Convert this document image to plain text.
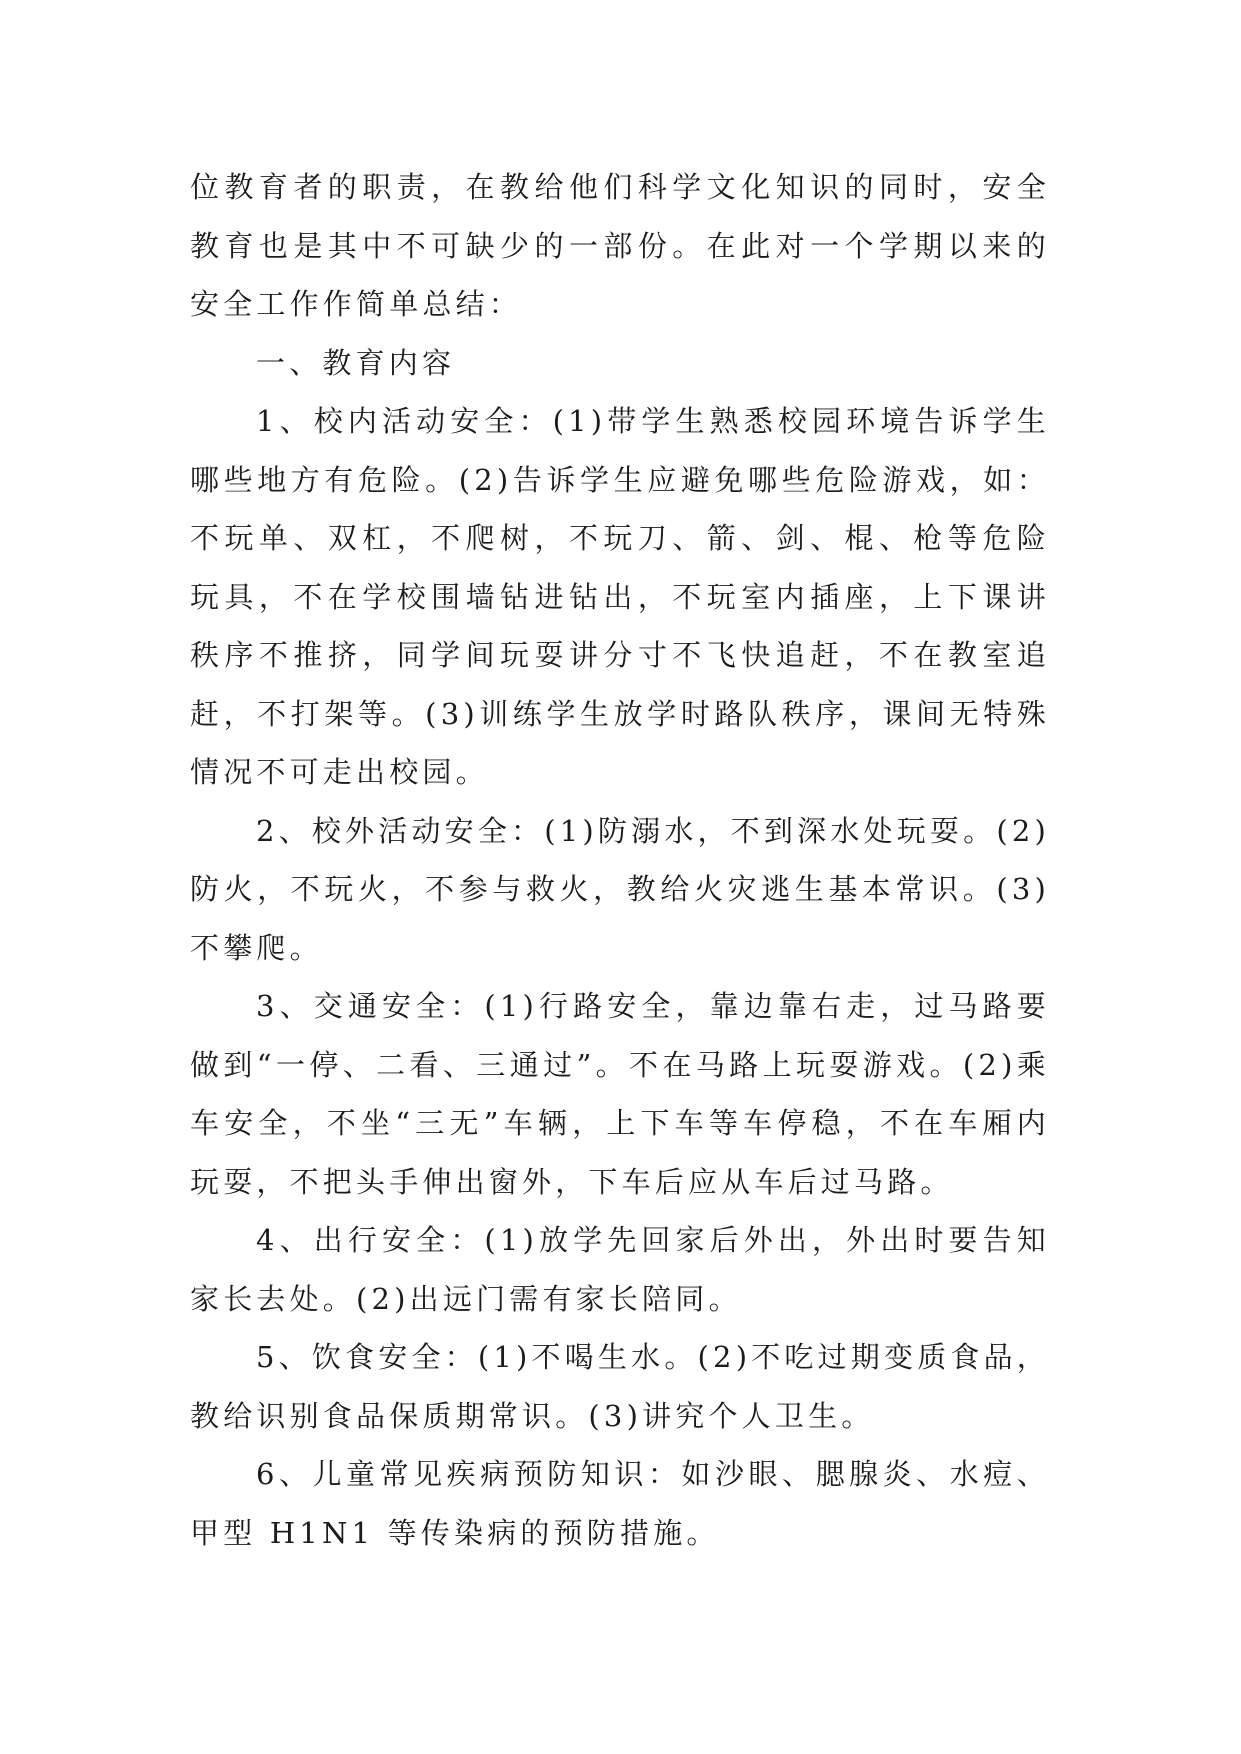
位教育者的职责，在教给他们科学文化知识的同时，安全教育也是其中不可缺少的一部份。在此对一个学期以来的安全工作作简单总结：

一、教育内容

1、校内活动安全：(1)带学生熟悉校园环境告诉学生哪些地方有危险。(2)告诉学生应避免哪些危险游戏，如：不玩单、双杠，不爬树，不玩刀、箭、剑、棍、枪等危险玩具，不在学校围墙钻进钻出，不玩室内插座，上下课讲秩序不推挤，同学间玩耍讲分寸不飞快追赶，不在教室追赶，不打架等。(3)训练学生放学时路队秩序，课间无特殊情况不可走出校园。

2、校外活动安全：(1)防溺水，不到深水处玩耍。(2)防火，不玩火，不参与救火，教给火灾逃生基本常识。(3)不攀爬。

3、交通安全：(1)行路安全，靠边靠右走，过马路要做到“一停、二看、三通过”。不在马路上玩耍游戏。(2)乘车安全，不坐“三无”车辆，上下车等车停稳，不在车厢内玩耍，不把头手伸出窗外，下车后应从车后过马路。

4、出行安全：(1)放学先回家后外出，外出时要告知家长去处。(2)出远门需有家长陪同。

5、饮食安全：(1)不喝生水。(2)不吃过期变质食品，教给识别食品保质期常识。(3)讲究个人卫生。

6、儿童常见疾病预防知识：如沙眼、腮腺炎、水痘、甲型 H1N1 等传染病的预防措施。
